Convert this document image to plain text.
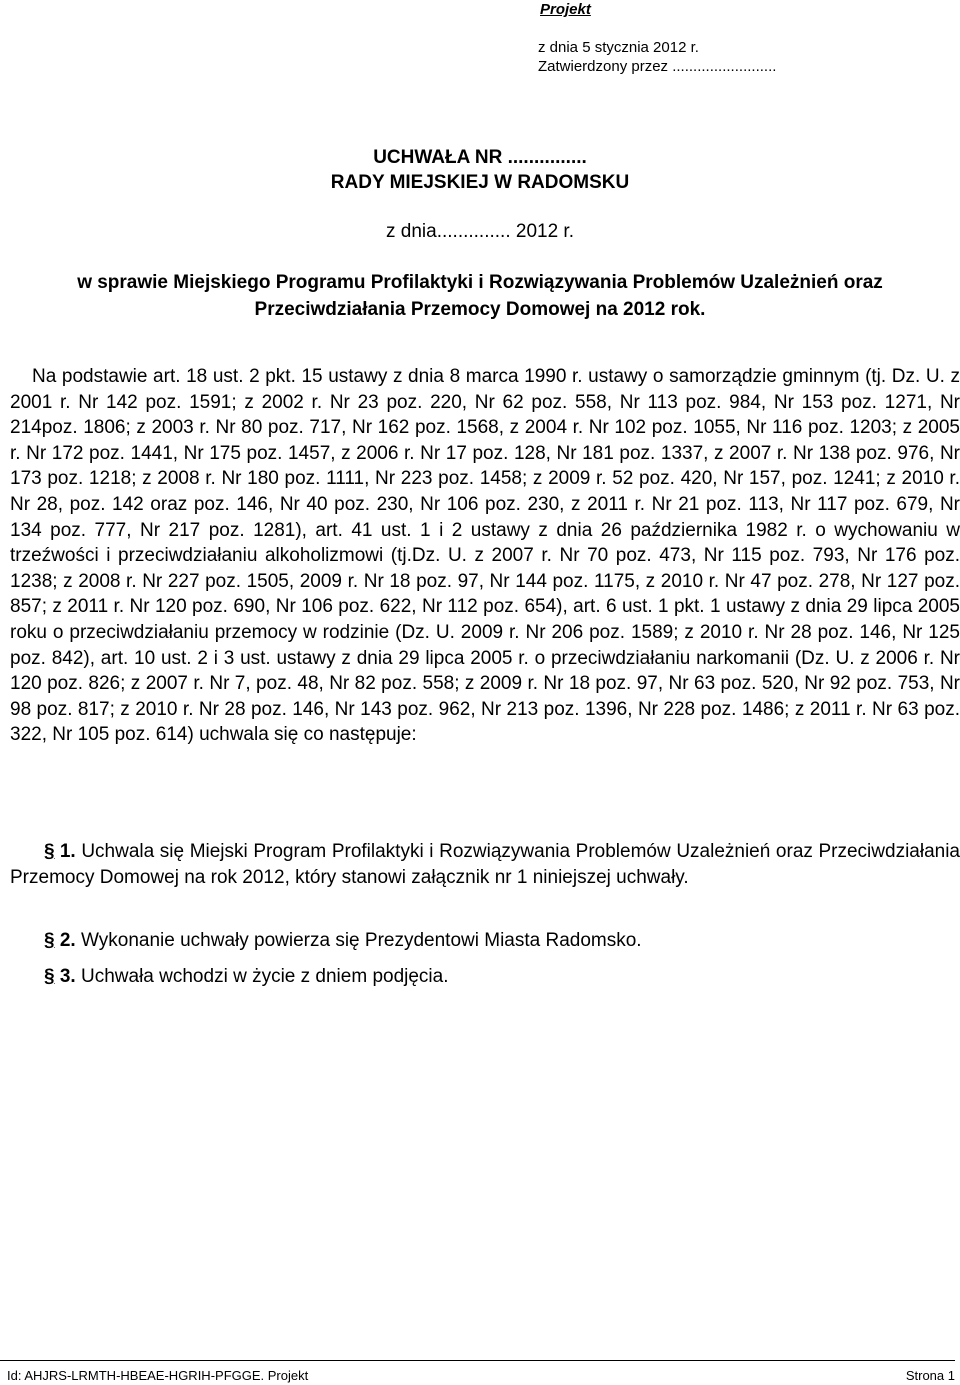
Projekt
z dnia 5 stycznia 2012 r.
Zatwierdzony przez .........................
UCHWAŁA NR ...............
RADY MIEJSKIEJ W RADOMSKU
z dnia.............. 2012 r.
w sprawie Miejskiego Programu Profilaktyki i Rozwiązywania Problemów Uzależnień oraz
Przeciwdziałania Przemocy Domowej na 2012 rok.
Na podstawie art. 18 ust. 2 pkt. 15 ustawy z dnia 8 marca 1990 r. ustawy o samorządzie gminnym (tj. Dz. U. z 2001 r. Nr 142 poz. 1591; z 2002 r. Nr 23 poz. 220, Nr 62 poz. 558, Nr 113 poz. 984, Nr 153 poz. 1271, Nr 214poz. 1806; z 2003 r. Nr 80 poz. 717, Nr 162 poz. 1568, z 2004 r. Nr 102 poz. 1055, Nr 116 poz. 1203; z 2005 r. Nr 172 poz. 1441, Nr 175 poz. 1457, z 2006 r. Nr 17 poz. 128, Nr 181 poz. 1337, z 2007 r. Nr 138 poz. 976, Nr 173 poz. 1218; z 2008 r. Nr 180 poz. 1111, Nr 223 poz. 1458; z 2009 r. 52 poz. 420, Nr 157, poz. 1241; z 2010 r. Nr 28, poz. 142 oraz poz. 146, Nr 40 poz. 230, Nr 106 poz. 230, z 2011 r. Nr 21 poz. 113, Nr 117 poz. 679, Nr 134 poz. 777, Nr 217 poz. 1281), art. 41 ust. 1 i 2 ustawy z dnia 26 października 1982 r. o wychowaniu w trzeźwości i przeciwdziałaniu alkoholizmowi (tj.Dz. U. z 2007 r. Nr 70 poz. 473, Nr 115 poz. 793, Nr 176 poz. 1238; z 2008 r. Nr 227 poz. 1505, 2009 r. Nr 18 poz. 97, Nr 144 poz. 1175, z 2010 r. Nr 47 poz. 278, Nr 127 poz. 857; z 2011 r. Nr 120 poz. 690, Nr 106 poz. 622, Nr 112 poz. 654), art. 6 ust. 1 pkt. 1 ustawy z dnia 29 lipca 2005 roku o przeciwdziałaniu przemocy w rodzinie (Dz. U. 2009 r. Nr 206 poz. 1589; z 2010 r. Nr 28 poz. 146, Nr 125 poz. 842), art. 10 ust. 2 i 3 ust. ustawy z dnia 29 lipca 2005 r. o przeciwdziałaniu narkomanii (Dz. U. z 2006 r. Nr 120 poz. 826; z 2007 r. Nr 7, poz. 48, Nr 82 poz. 558; z 2009 r. Nr 18 poz. 97, Nr 63 poz. 520, Nr 92 poz. 753, Nr 98 poz. 817; z 2010 r. Nr 28 poz. 146, Nr 143 poz. 962, Nr 213 poz. 1396, Nr 228 poz. 1486; z 2011 r. Nr 63 poz. 322, Nr 105 poz. 614) uchwala się co następuje:
§ 1. Uchwala się Miejski Program Profilaktyki i Rozwiązywania Problemów Uzależnień oraz Przeciwdziałania Przemocy Domowej na rok 2012, który stanowi załącznik nr 1 niniejszej uchwały.
§ 2. Wykonanie uchwały powierza się Prezydentowi Miasta Radomsko.
§ 3. Uchwała wchodzi w życie z dniem podjęcia.
Id: AHJRS-LRMTH-HBEAE-HGRIH-PFGGE. Projekt	Strona 1
